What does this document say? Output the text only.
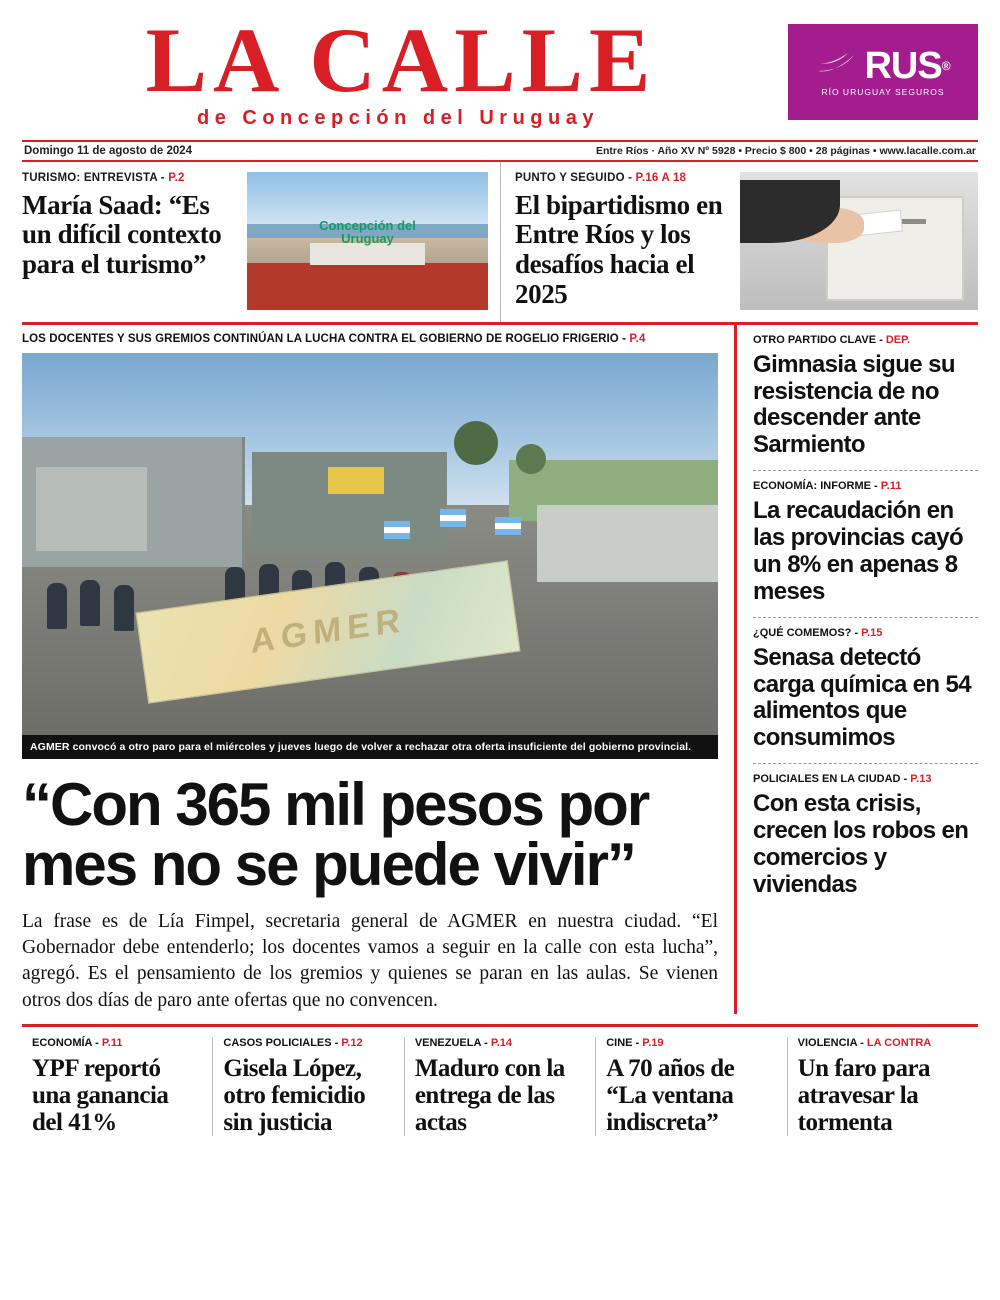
LA CALLE
de Concepción del Uruguay
RUS ®
RÍO URUGUAY SEGUROS
Domingo 11 de agosto de 2024	Entre Ríos · Año XV Nº 5928 • Precio $ 800 • 28 páginas • www.lacalle.com.ar
TURISMO: ENTREVISTA - P.2
María Saad: “Es un difícil contexto para el turismo”
Concepción del Uruguay
PUNTO Y SEGUIDO - P.16 A 18
El bipartidismo en Entre Ríos y los desafíos hacia el 2025
LOS DOCENTES Y SUS GREMIOS CONTINÚAN LA LUCHA CONTRA EL GOBIERNO DE ROGELIO FRIGERIO - P.4
AGMER
AGMER convocó a otro paro para el miércoles y jueves luego de volver a rechazar otra oferta insuficiente del gobierno provincial.
“Con 365 mil pesos por mes no se puede vivir”
La frase es de Lía Fimpel, secretaria general de AGMER en nuestra ciudad. “El Gobernador debe entenderlo; los docentes vamos a seguir en la calle con esta lucha”, agregó. Es el pensamiento de los gremios y quienes se paran en las aulas. Se vienen otros dos días de paro ante ofertas que no convencen.
OTRO PARTIDO CLAVE - DEP.
Gimnasia sigue su resistencia de no descender ante Sarmiento
ECONOMÍA: INFORME - P.11
La recaudación en las provincias cayó un 8% en apenas 8 meses
¿QUÉ COMEMOS? - P.15
Senasa detectó carga química en 54 alimentos que consumimos
POLICIALES EN LA CIUDAD - P.13
Con esta crisis, crecen los robos en comercios y viviendas
ECONOMÍA - P.11
YPF reportó una ganancia del 41%
CASOS POLICIALES - P.12
Gisela López, otro femicidio sin justicia
VENEZUELA - P.14
Maduro con la entrega de las actas
CINE - P.19
A 70 años de “La ventana indiscreta”
VIOLENCIA - LA CONTRA
Un faro para atravesar la tormenta
